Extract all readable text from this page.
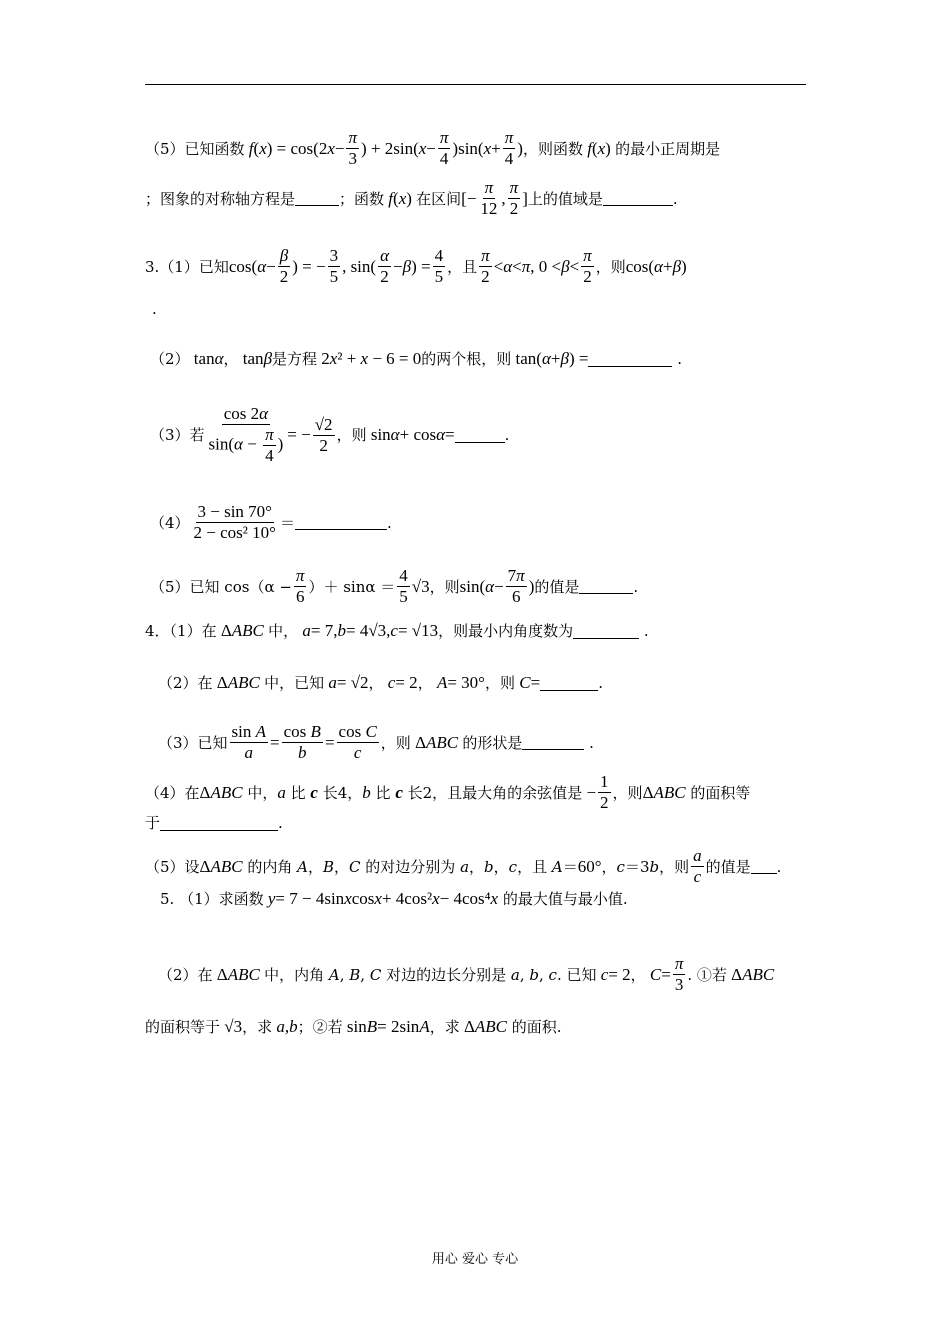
（5）已知函数
f ( x ) = cos(2 $x - \frac{\pi}{3}$ ) + 2sin( $x - \frac{\pi}{4} )\sin$( $x + \frac{\pi}{4}$ ) ，则函数
f ( x ) 的最小正周期是
；图象的对称轴方程是	；函数
f ( x ) 在区间 [− $\frac{\pi}{12}$ , $\frac{\pi}{2}$ ] 上的值域是	.
3.（1）已知 cos( $\alpha - \frac{\beta}{2}$ ) = − $\frac{3}{5}$ , $\sin( \frac{\alpha}{2} - \beta$ ) = $\frac{4}{5}$ ，且 $\frac{\pi}{2} < \alpha < \pi$ , $0 < \beta < \frac{\pi}{2}$ ，则 cos( α + β )
.
（2） tan α ， tan β 是方程 2 x ² + x − 6 = 0 的两个根，则 tan( α + β ) =	.
（3）若 $\frac{\cos 2\alpha}{\sin(\alpha - \frac{\pi}{4} )}$ = − $\frac{√2}{2}$ ，则 sin α + cos α =	.
$(4) \frac{3 - \sin 70^\circ}{\text{2 − cos² 10°}}$ ＝	.
（5）已知 $\cos(\alpha - \frac{\pi}{6}$ ）＋ $\sin\alpha = \frac{4}{5} √3$ ，则 sin( $\alpha - \frac{7\pi}{6}$ ) 的值是	.
4．（1）在 Δ ABC
中，
a = 7, b = 4√3, c = √13 ，则最小内角度数为	.
（2）在 Δ ABC
中，已知
a = √2 ，
c = 2 ，
A = 30° ，则
C =	.
（3）已知 $\frac{\text{sin A}}{a} = \frac{\text{cos B}}{b} = \frac{\text{cos C}}{c}$ ，则 Δ ABC
的形状是	.
（4）在 Δ ABC 中， a 比 c 长4， b 比 c 长2，且最大角的余弦值是 − $\frac{1}{2}$ ，则 Δ ABC 的面积等
于	.
（5）设 Δ ABC 的内角 A，B，C 的对边分别为 a，b，c，且 A＝ 60° ，c＝3b，则 $\frac{a}{c}$ 的值是 .
5. （1）求函数
y = 7 − 4sin x cos x + 4cos² x − 4cos⁴ x 的最大值与最小值.
（2）在 Δ ABC
中，内角 A, B, C 对边的边长分别是 a, b, c. 已知
c = 2 ，
$C = \frac{\pi}{3}$ . ①若 Δ ABC
的面积等于 √3 ，求
a , b ；②若 sin B = 2sin A ，求 Δ ABC 的面积.
用心 爱心 专心
